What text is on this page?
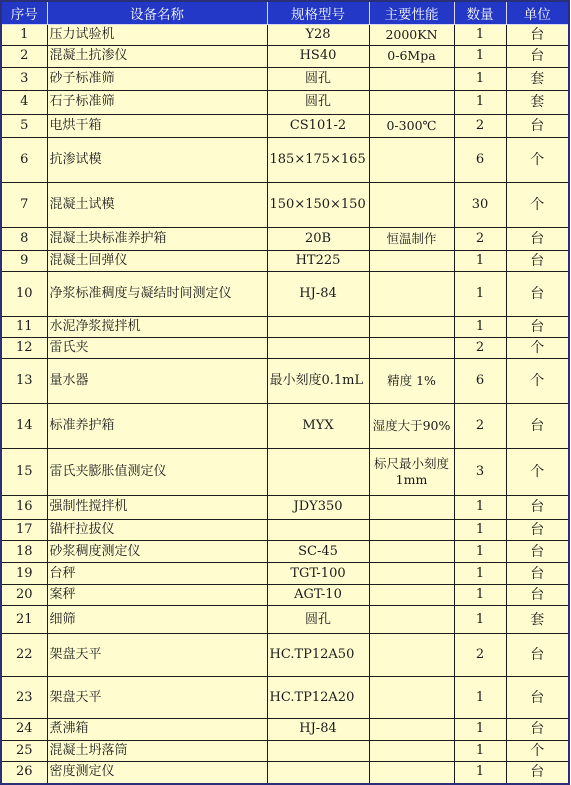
序号	设备名称	规格型号	主要性能	数量	单位
1	压力试验机	Y28	2000KN	1	台
2	混凝土抗渗仪	HS40	0-6Mpa	1	台
3	砂子标准筛	圆孔		1	套
4	石子标准筛	圆孔		1	套
5	电烘干箱	CS101-2	0-300℃	2	台
6	抗渗试模	185×175×165		6	个
7	混凝土试模	150×150×150		30	个
8	混凝土块标准养护箱	20B	恒温制作	2	台
9	混凝土回弹仪	HT225		1	台
10	净浆标准稠度与凝结时间测定仪	HJ-84		1	台
11	水泥净浆搅拌机			1	台
12	雷氏夹			2	个
13	量水器	最小刻度0.1mL	精度 1%	6	个
14	标准养护箱	MYX	湿度大于90%	2	台
15	雷氏夹膨胀值测定仪		标尺最小刻度 1mm	3	个
16	强制性搅拌机	JDY350		1	台
17	锚杆拉拔仪			1	台
18	砂浆稠度测定仪	SC-45		1	台
19	台秤	TGT-100		1	台
20	案秤	AGT-10		1	台
21	细筛	圆孔		1	套
22	架盘天平	HC.TP12A50		2	台
23	架盘天平	HC.TP12A20		1	台
24	煮沸箱	HJ-84		1	台
25	混凝土坍落筒			1	个
26	密度测定仪			1	台
